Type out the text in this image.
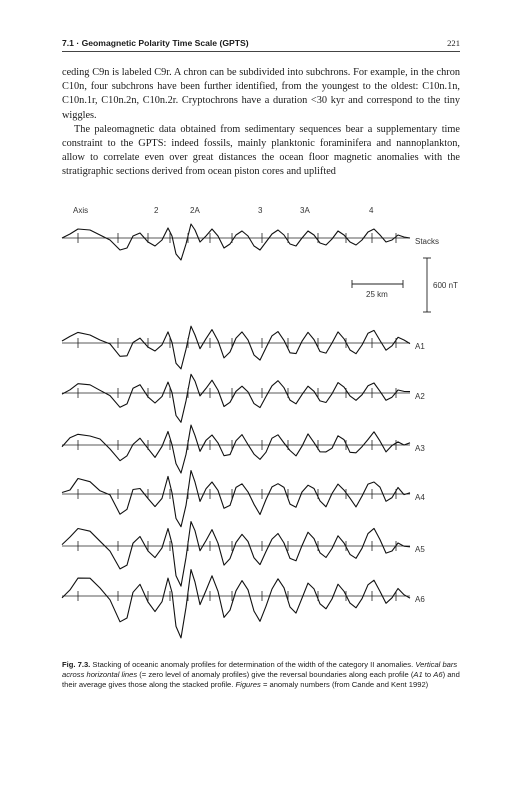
7.1 · Geomagnetic Polarity Time Scale (GPTS)	221

ceding C9n is labeled C9r. A chron can be subdivided into subchrons. For example, in the chron C10n, four subchrons have been further identified, from the youngest to the oldest: C10n.1n, C10n.1r, C10n.2n, C10n.2r. Cryptochrons have a duration <30 kyr and correspond to the tiny wiggles.

The paleomagnetic data obtained from sedimentary sequences bear a supplementary time constraint to the GPTS: indeed fossils, mainly planktonic foraminifera and nannoplankton, allow to correlate even over great distances the ocean floor magnetic anomalies with the stratigraphic sections derived from ocean piston cores and uplifted

Axis	2	2A	3	3A	4
Stacks
A1
A2
A3
A4
A5
A6
25 km
600 nT
Fig. 7.3. Stacking of oceanic anomaly profiles for determination of the width of the category II anomalies. Vertical bars across horizontal lines (= zero level of anomaly profiles) give the reversal boundaries along each profile (A1 to A6) and their average gives those along the stacked profile. Figures = anomaly numbers (from Cande and Kent 1992)
